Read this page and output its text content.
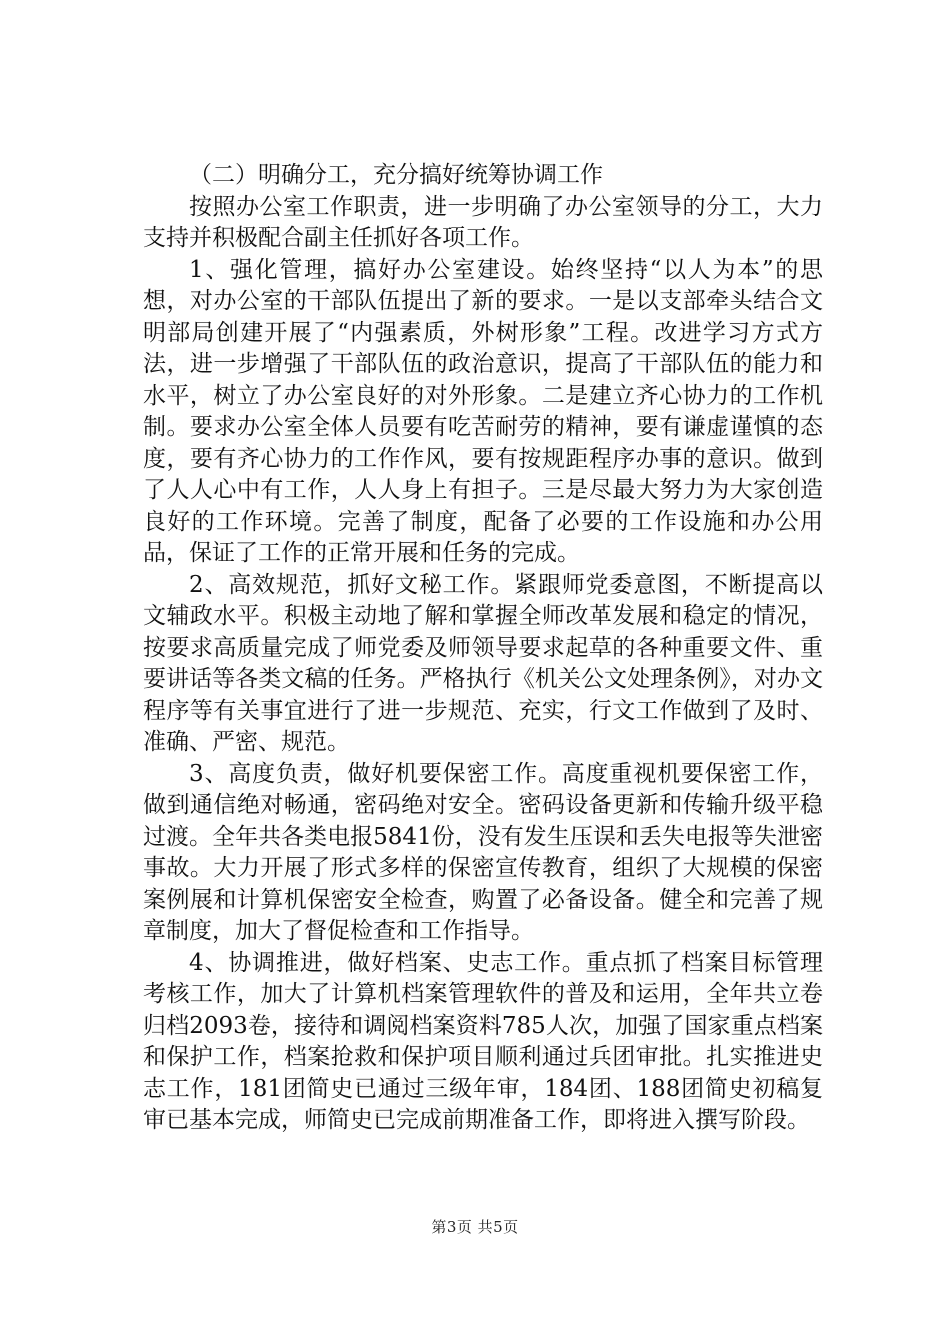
（二）明确分工，充分搞好统筹协调工作

按照办公室工作职责，进一步明确了办公室领导的分工，大力支持并积极配合副主任抓好各项工作。

1、强化管理，搞好办公室建设。始终坚持“以人为本”的思想，对办公室的干部队伍提出了新的要求。一是以支部牵头结合文明部局创建开展了“内强素质，外树形象”工程。改进学习方式方法，进一步增强了干部队伍的政治意识，提高了干部队伍的能力和水平，树立了办公室良好的对外形象。二是建立齐心协力的工作机制。要求办公室全体人员要有吃苦耐劳的精神，要有谦虚谨慎的态度，要有齐心协力的工作作风，要有按规距程序办事的意识。做到了人人心中有工作，人人身上有担子。三是尽最大努力为大家创造良好的工作环境。完善了制度，配备了必要的工作设施和办公用品，保证了工作的正常开展和任务的完成。

2、高效规范，抓好文秘工作。紧跟师党委意图，不断提高以文辅政水平。积极主动地了解和掌握全师改革发展和稳定的情况，按要求高质量完成了师党委及师领导要求起草的各种重要文件、重要讲话等各类文稿的任务。严格执行《机关公文处理条例》，对办文程序等有关事宜进行了进一步规范、充实，行文工作做到了及时、准确、严密、规范。

3、高度负责，做好机要保密工作。高度重视机要保密工作，做到通信绝对畅通，密码绝对安全。密码设备更新和传输升级平稳过渡。全年共各类电报5841份，没有发生压误和丢失电报等失泄密事故。大力开展了形式多样的保密宣传教育，组织了大规模的保密案例展和计算机保密安全检查，购置了必备设备。健全和完善了规章制度，加大了督促检查和工作指导。

4、协调推进，做好档案、史志工作。重点抓了档案目标管理考核工作，加大了计算机档案管理软件的普及和运用，全年共立卷归档2093卷，接待和调阅档案资料785人次，加强了国家重点档案和保护工作，档案抢救和保护项目顺利通过兵团审批。扎实推进史志工作，181团简史已通过三级年审，184团、188团简史初稿复审已基本完成，师简史已完成前期准备工作，即将进入撰写阶段。

第3页 共5页
